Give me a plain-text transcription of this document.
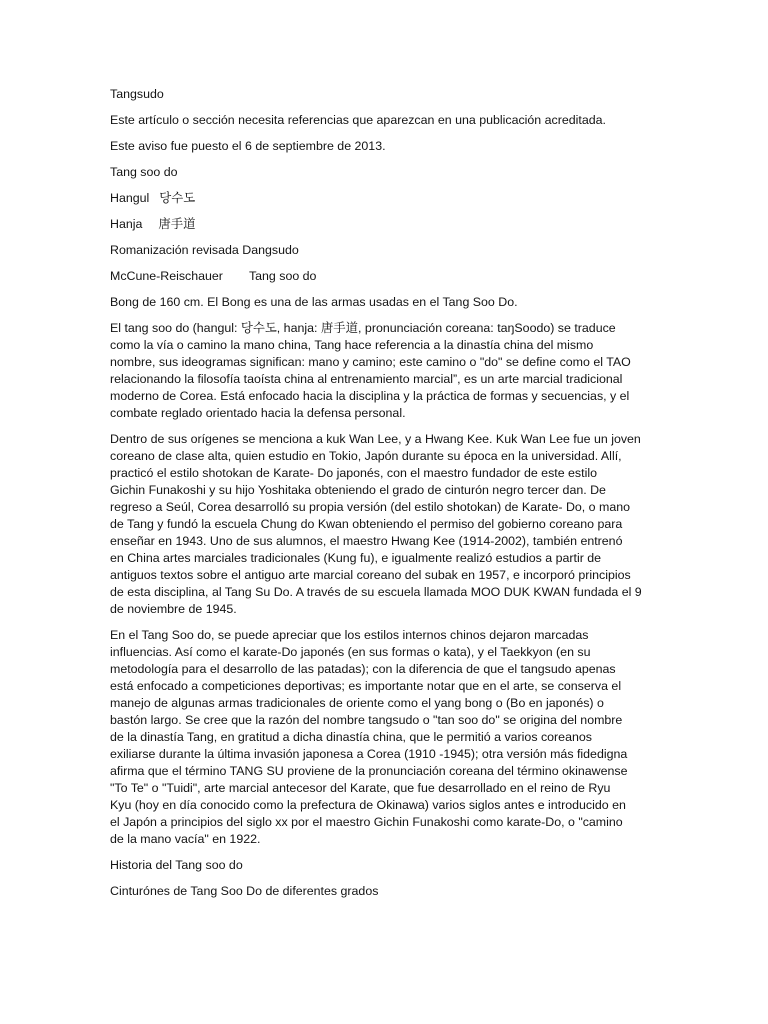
Tangsudo
Este artículo o sección necesita referencias que aparezcan en una publicación acreditada.
Este aviso fue puesto el 6 de septiembre de 2013.
Tang soo do
Hangul 당수도
Hanja 唐手道
Romanización revisada Dangsudo
McCune-Reischauer Tang soo do
Bong de 160 cm. El Bong es una de las armas usadas en el Tang Soo Do.

El tang soo do (hangul: 당수도, hanja: 唐手道, pronunciación coreana: taŋSoodo) se traduce

como la vía o camino la mano china, Tang hace referencia a la dinastía china del mismo

nombre, sus ideogramas significan: mano y camino; este camino o "do" se define como el TAO

relacionando la filosofía taoísta china al entrenamiento marcial”, es un arte marcial tradicional

moderno de Corea. Está enfocado hacia la disciplina y la práctica de formas y secuencias, y el

combate reglado orientado hacia la defensa personal.

Dentro de sus orígenes se menciona a kuk Wan Lee, y a Hwang Kee. Kuk Wan Lee fue un joven

coreano de clase alta, quien estudio en Tokio, Japón durante su época en la universidad. Allí,

practicó el estilo shotokan de Karate- Do japonés, con el maestro fundador de este estilo

Gichin Funakoshi y su hijo Yoshitaka obteniendo el grado de cinturón negro tercer dan. De

regreso a Seúl, Corea desarrolló su propia versión (del estilo shotokan) de Karate- Do, o mano

de Tang y fundó la escuela Chung do Kwan obteniendo el permiso del gobierno coreano para

enseñar en 1943. Uno de sus alumnos, el maestro Hwang Kee (1914-2002), también entrenó

en China artes marciales tradicionales (Kung fu), e igualmente realizó estudios a partir de

antiguos textos sobre el antiguo arte marcial coreano del subak en 1957, e incorporó principios

de esta disciplina, al Tang Su Do. A través de su escuela llamada MOO DUK KWAN fundada el 9

de noviembre de 1945.

En el Tang Soo do, se puede apreciar que los estilos internos chinos dejaron marcadas

influencias. Así como el karate-Do japonés (en sus formas o kata), y el Taekkyon (en su

metodología para el desarrollo de las patadas); con la diferencia de que el tangsudo apenas

está enfocado a competiciones deportivas; es importante notar que en el arte, se conserva el

manejo de algunas armas tradicionales de oriente como el yang bong o (Bo en japonés) o

bastón largo. Se cree que la razón del nombre tangsudo o "tan soo do" se origina del nombre

de la dinastía Tang, en gratitud a dicha dinastía china, que le permitió a varios coreanos

exiliarse durante la última invasión japonesa a Corea (1910 -1945); otra versión más fidedigna

afirma que el término TANG SU proviene de la pronunciación coreana del término okinawense

"To Te" o "Tuidi", arte marcial antecesor del Karate, que fue desarrollado en el reino de Ryu

Kyu (hoy en día conocido como la prefectura de Okinawa) varios siglos antes e introducido en

el Japón a principios del siglo xx por el maestro Gichin Funakoshi como karate-Do, o "camino

de la mano vacía" en 1922.

Historia del Tang soo do
Cinturónes de Tang Soo Do de diferentes grados
